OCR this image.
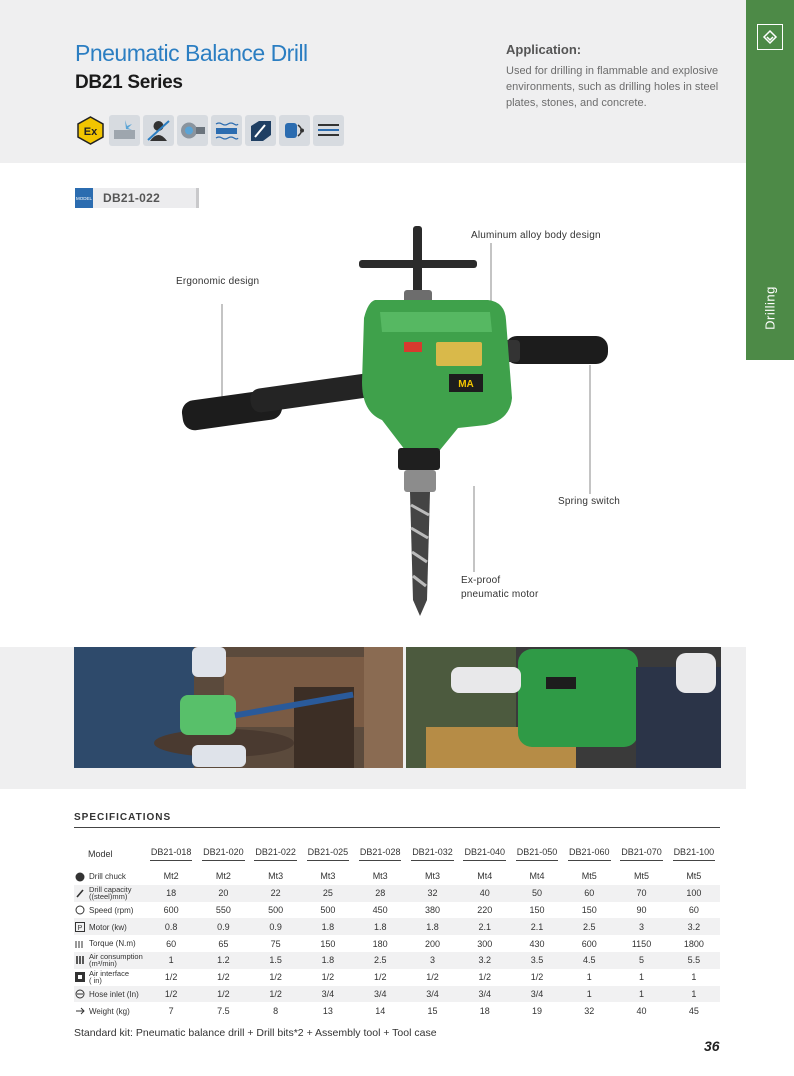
Drilling
Pneumatic Balance Drill
DB21 Series
Application:
Used for drilling in flammable and explosive environments, such as drilling holes in steel plates, stones, and concrete.
Ex
MODEL DB21-022
MA
Aluminum alloy body design
Ergonomic design
Spring switch
Ex-proof
pneumatic motor
SPECIFICATIONS
Model	DB21-018	DB21-020	DB21-022	DB21-025	DB21-028	DB21-032	DB21-040	DB21-050	DB21-060	DB21-070	DB21-100

Drill chuck	Mt2	Mt2	Mt3	Mt3	Mt3	Mt3	Mt4	Mt4	Mt5	Mt5	Mt5
Drill capacity
((steel)mm)	18	20	22	25	28	32	40	50	60	70	100
Speed (rpm)	600	550	500	500	450	380	220	150	150	90	60

P Motor (kw)	0.8	0.9	0.9	1.8	1.8	1.8	2.1	2.1	2.5	3	3.2
Torque (N.m)	60	65	75	150	180	200	300	430	600	1150	1800
Air consumption
(m³/min)	1	1.2	1.5	1.8	2.5	3	3.2	3.5	4.5	5	5.5
Air interface
( in)	1/2	1/2	1/2	1/2	1/2	1/2	1/2	1/2	1	1	1
Hose inlet (In)	1/2	1/2	1/2	3/4	3/4	3/4	3/4	3/4	1	1	1
Weight (kg)	7	7.5	8	13	14	15	18	19	32	40	45
Standard kit: Pneumatic balance drill + Drill bits*2 + Assembly tool + Tool case
36
